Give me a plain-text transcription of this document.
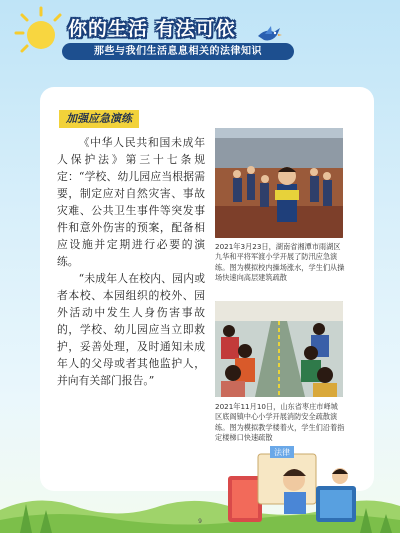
你的生活 有法可依
那些与我们生活息息相关的法律知识
加强应急演练

《中华人民共和国未成年人保护法》第三十七条规定：“学校、幼儿园应当根据需要，制定应对自然灾害、事故灾难、公共卫生事件等突发事件和意外伤害的预案，配备相应设施并定期进行必要的演练。

“未成年人在校内、园内或者本校、本园组织的校外、园外活动中发生人身伤害事故的，学校、幼儿园应当立即救护，妥善处理，及时通知未成年人的父母或者其他监护人，并向有关部门报告。”

2021年3月23日，湖南省湘潭市雨湖区九华和平将军渡小学开展了防汛应急演练。图为模拟校内操场涨水，学生们从操场快速向高层建筑疏散
2021年11月10日，山东省枣庄市峄城区底阁镇中心小学开展消防安全疏散演练。图为模拟教学楼着火，学生们沿着指定楼梯口快速疏散
法律
9
